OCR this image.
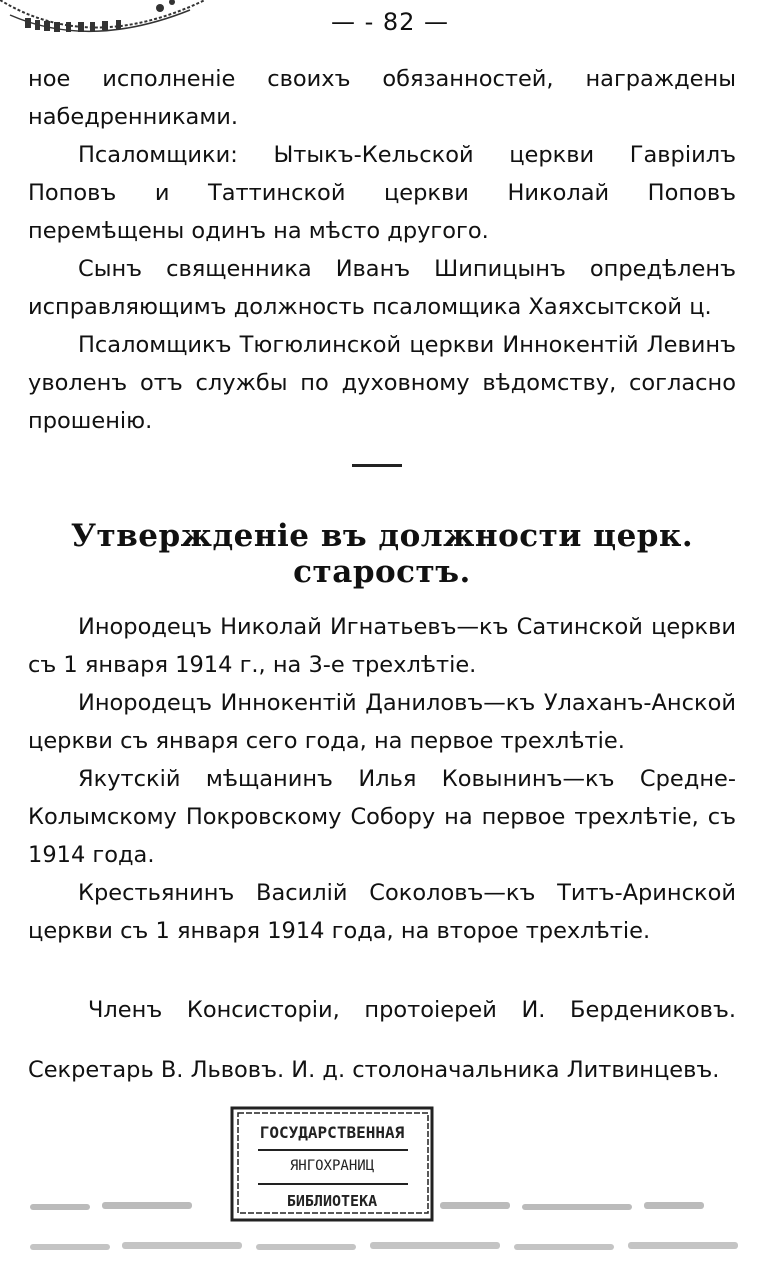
— - 82 —

ное исполненіе своихъ обязанностей, награждены набедренниками.

Псаломщики: Ытыкъ-Кельской церкви Гавріилъ Поповъ и Таттинской церкви Николай Поповъ перемѣщены одинъ на мѣсто другого.

Сынъ священника Иванъ Шипицынъ опредѣленъ исправляющимъ должность псаломщика Хаяхсытской ц.

Псаломщикъ Тюгюлинской церкви Иннокентій Левинъ уволенъ отъ службы по духовному вѣдомству, согласно прошенію.

Утвержденіе въ должности церк. старостъ.

Инородецъ Николай Игнатьевъ—къ Сатинской церкви съ 1 января 1914 г., на 3-е трехлѣтіе.

Инородецъ Иннокентій Даниловъ—къ Улаханъ-Анской церкви съ января сего года, на первое трехлѣтіе.

Якутскій мѣщанинъ Илья Ковынинъ—къ Средне-Колымскому Покровскому Собору на первое трехлѣтіе, съ 1914 года.

Крестьянинъ Василій Соколовъ—къ Титъ-Аринской церкви съ 1 января 1914 года, на второе трехлѣтіе.

Членъ Консисторіи, протоіерей И. Бердениковъ. Секретарь В. Львовъ. И. д. столоначальника Литвинцевъ.
ГОСУДАРСТВЕННАЯ
ЯНГОХРАНИЦ
БИБЛИОТЕКА
